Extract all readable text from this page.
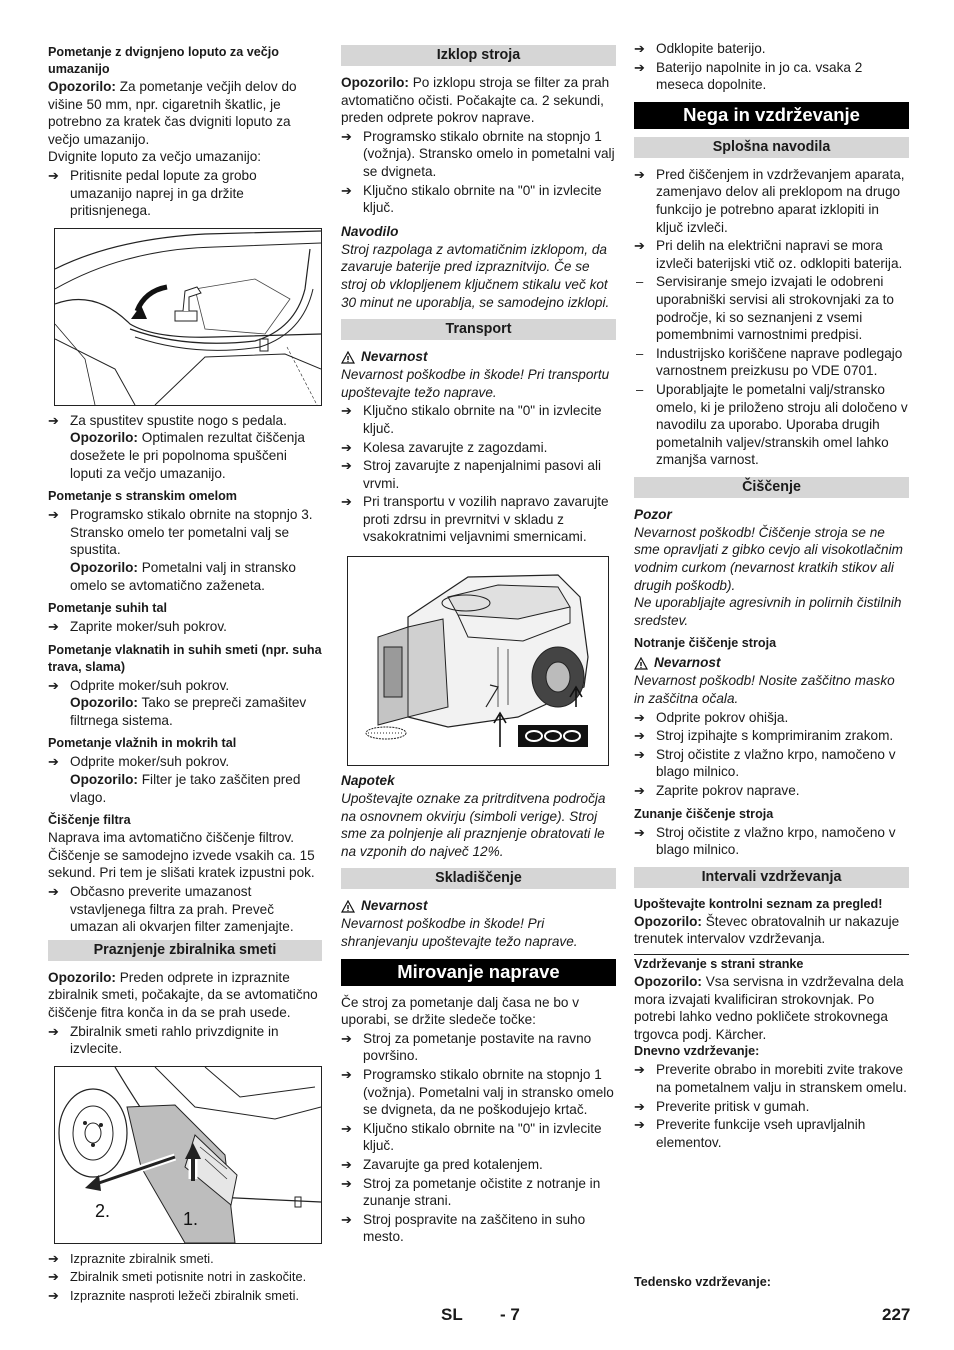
Pometanje z dvignjeno loputo za večjo umazanijo

Opozorilo: Za pometanje večjih delov do višine 50 mm, npr. cigaretnih škatlic, je potrebno za kratek čas dvigniti loputo za večjo umazanijo.

Dvignite loputo za večjo umazanijo:

➔ Pritisnite pedal lopute za grobo umazanijo naprej in ga držite pritisnjenega.
➔ Za spustitev spustite nogo s pedala.

Opozorilo: Optimalen rezultat čiščenja dosežete le pri popolnoma spuščeni loputi za večjo umazanijo.

Pometanje s stranskim omelom

➔ Programsko stikalo obrnite na stopnjo 3. Stransko omelo ter pometalni valj se spustita.

Opozorilo: Pometalni valj in stransko omelo se avtomatično zaženeta.

Pometanje suhih tal

➔ Zaprite moker/suh pokrov.

Pometanje vlaknatih in suhih smeti (npr. suha trava, slama)

➔ Odprite moker/suh pokrov.

Opozorilo: Tako se prepreči zamašitev filtrnega sistema.

Pometanje vlažnih in mokrih tal

➔ Odprite moker/suh pokrov.

Opozorilo: Filter je tako zaščiten pred vlago.

Čiščenje filtra

Naprava ima avtomatično čiščenje filtrov. Čiščenje se samodejno izvede vsakih ca. 15 sekund. Pri tem je slišati kratek izpustni pok.

➔ Občasno preverite umazanost vstavljenega filtra za prah. Preveč umazan ali okvarjen filter zamenjajte.
Praznjenje zbiralnika smeti

Opozorilo: Preden odprete in izpraznite zbiralnik smeti, počakajte, da se avtomatično čiščenje fitra konča in da se prah usede.

➔ Zbiralnik smeti rahlo privzdignite in izvlecite.
2.	1.
➔ Izpraznite zbiralnik smeti.
➔ Zbiralnik smeti potisnite notri in zaskočite.
➔ Izpraznite nasproti ležeči zbiralnik smeti.
Izklop stroja

Opozorilo: Po izklopu stroja se filter za prah avtomatično očisti. Počakajte ca. 2 sekundi, preden odprete pokrov naprave.

➔ Programsko stikalo obrnite na stopnjo 1 (vožnja). Stransko omelo in pometalni valj se dvigneta.
➔ Ključno stikalo obrnite na "0" in izvlecite ključ.

Navodilo

Stroj razpolaga z avtomatičnim izklopom, da zavaruje baterije pred izpraznitvijo. Če se stroj ob vklopljenem ključnem stikalu več kot 30 minut ne uporablja, se samodejno izklopi.

Transport
Nevarnost

Nevarnost poškodbe in škode! Pri transportu upoštevajte težo naprave.

➔ Ključno stikalo obrnite na "0" in izvlecite ključ.
➔ Kolesa zavarujte z zagozdami.
➔ Stroj zavarujte z napenjalnimi pasovi ali vrvmi.
➔ Pri transportu v vozilih napravo zavarujte proti zdrsu in prevrnitvi v skladu z vsakokratnimi veljavnimi smernicami.

Napotek

Upoštevajte oznake za pritrditvena področja na osnovnem okvirju (simboli verige). Stroj sme za polnjenje ali praznjenje obratovati le na vzponih do največ 12%.

Skladiščenje
Nevarnost

Nevarnost poškodbe in škode! Pri shranjevanju upoštevajte težo naprave.

Mirovanje naprave

Če stroj za pometanje dalj časa ne bo v uporabi, se držite sledeče točke:

➔ Stroj za pometanje postavite na ravno površino.
➔ Programsko stikalo obrnite na stopnjo 1 (vožnja). Pometalni valj in stransko omelo se dvigneta, da ne poškodujejo krtač.
➔ Ključno stikalo obrnite na "0" in izvlecite ključ.
➔ Zavarujte ga pred kotalenjem.
➔ Stroj za pometanje očistite z notranje in zunanje strani.
➔ Stroj pospravite na zaščiteno in suho mesto.
➔ Odklopite baterijo.
➔ Baterijo napolnite in jo ca. vsaka 2 meseca dopolnite.
Nega in vzdrževanje
Splošna navodila
➔ Pred čiščenjem in vzdrževanjem aparata, zamenjavo delov ali preklopom na drugo funkcijo je potrebno aparat izklopiti in ključ izvleči.
➔ Pri delih na električni napravi se mora izvleči baterijski vtič oz. odklopiti baterija.
– Servisiranje smejo izvajati le odobreni uporabniški servisi ali strokovnjaki za to področje, ki so seznanjeni z vsemi pomembnimi varnostnimi predpisi.
– Industrijsko koriščene naprave podlegajo varnostnem preizkusu po VDE 0701.
– Uporabljajte le pometalni valj/stransko omelo, ki je priloženo stroju ali določeno v navodilu za uporabo. Uporaba drugih pometalnih valjev/stranskih omel lahko zmanjša varnost.
Čiščenje

Pozor

Nevarnost poškodb! Čiščenje stroja se ne sme opravljati z gibko cevjo ali visokotlačnim vodnim curkom (nevarnost kratkih stikov ali drugih poškodb).

Ne uporabljajte agresivnih in polirnih čistilnih sredstev.

Notranje čiščenje stroja

Nevarnost

Nevarnost poškodb! Nosite zaščitno masko in zaščitna očala.

➔ Odprite pokrov ohišja.
➔ Stroj izpihajte s komprimiranim zrakom.
➔ Stroj očistite z vlažno krpo, namočeno v blago milnico.
➔ Zaprite pokrov naprave.

Zunanje čiščenje stroja

➔ Stroj očistite z vlažno krpo, namočeno v blago milnico.
Intervali vzdrževanja

Upoštevajte kontrolni seznam za pregled!

Opozorilo: Števec obratovalnih ur nakazuje trenutek intervalov vzdrževanja.

Vzdrževanje s strani stranke

Opozorilo: Vsa servisna in vzdrževalna dela mora izvajati kvalificiran strokovnjak. Po potrebi lahko vedno pokličete strokovnega trgovca podj. Kärcher.

Dnevno vzdrževanje:

➔ Preverite obrabo in morebiti zvite trakove na pometalnem valju in stranskem omelu.
➔ Preverite pritisk v gumah.
➔ Preverite funkcije vseh upravljalnih elementov.

Tedensko vzdrževanje:

SL - 7	227
